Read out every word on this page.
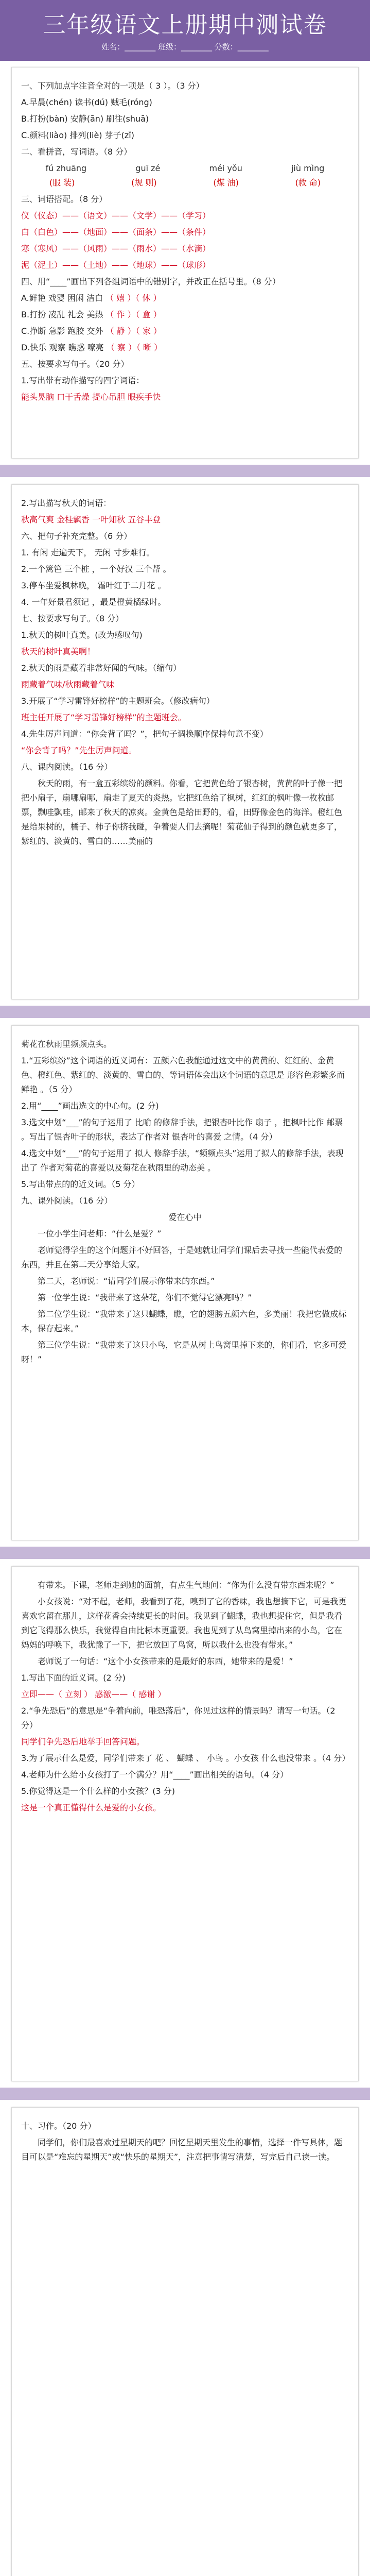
三年级语文上册期中测试卷
姓名：________ 班级：________ 分数：________
一、下列加点字注音全对的一项是（ 3 ）。（3 分）
A.早晨(chén) 读书(dú) 贼毛(róng)
B.打扮(bàn) 安静(ān) 刷往(shuā)
C.颜料(liào) 排列(liè) 芽子(zǐ)
二、看拼音，写词语。（8 分）
fú zhuāng	guī zé	méi yǒu	jiù mìng
(服 装)	(规 则)	(煤 油)	(救 命)
三、词语搭配。（8 分）
仪（仪态）——（语文）——（文学）——（学习）
白（白色）——（地面）——（面条）——（条件）
寒（寒风）——（风雨）——（雨水）——（水滴）
泥（泥土）——（土地）——（地球）——（球形）
四、用“____”画出下列各组词语中的错别字，并改正在括号里。（8 分）
A.鲜艳 戏婴 困闲 洁白 （ 嬉 ）（ 休 ）
B.打扮 凌乱 礼会 美热 （ 作 ）（ 盒 ）
C.挣断 急影 跑胶 交外 （ 静 ）（ 家 ）
D.快乐 观察 瞧惑 嘹亮 （ 察 ）（ 晰 ）
五、按要求写句子。（20 分）
1.写出带有动作描写的四字词语：
能头晃脑 口干舌燥 提心吊胆 眼疾手快
2.写出描写秋天的词语：
秋高气爽 金桂飘香 一叶知秋 五谷丰登
六、把句子补充完整。（6 分）
1. 有闲 走遍天下， 无闲 寸步难行。
2.一个篱笆 三个桩 ，一个好汉 三个帮 。
3.停车坐爱枫林晚， 霜叶红于二月花 。
4. 一年好景君须记 ，最是橙黄橘绿时。
七、按要求写句子。（8 分）
1.秋天的树叶真美。(改为感叹句)
秋天的树叶真美啊！
2.秋天的雨是藏着非常好闻的气味。（缩句）
雨藏着气味/秋雨藏着气味
3.开展了“学习雷锋好榜样”的主题班会。（修改病句）
班主任开展了“学习雷锋好榜样”的主题班会。
4.先生厉声问道：“你会背了吗？”，把句子调换顺序保持句意不变）
“你会背了吗？”先生厉声问道。
八、课内阅读。（16 分）
秋天的雨，有一盒五彩缤纷的颜料。你看，它把黄色给了银杏树，黄黄的叶子像一把把小扇子，扇哪扇哪，扇走了夏天的炎热。它把红色给了枫树，红红的枫叶像一枚枚邮票，飘哇飘哇，邮来了秋天的凉爽。金黄色是给田野的，看，田野像金色的海洋。橙红色是给果树的，橘子、柿子你挤我碰，争着要人们去摘呢！菊花仙子得到的颜色就更多了，紫红的、淡黄的、雪白的……美丽的
菊花在秋雨里频频点头。
1.“五彩缤纷”这个词语的近义词有：五颜六色我能通过这文中的黄黄的、红红的、金黄色、橙红色、紫红的、淡黄的、雪白的、等词语体会出这个词语的意思是 形容色彩繁多而鲜艳 。（5 分）
2.用“____”画出选文的中心句。(2 分)
3.选文中划“___”的句子运用了 比喻 的修辞手法，把银杏叶比作 扇子 ，把枫叶比作 邮票 。写出了银杏叶子的形状，表达了作者对 银杏叶的喜爱 之情。（4 分）
4.选文中划“___”的句子运用了 拟人 修辞手法，“频频点头”运用了拟人的修辞手法，表现出了 作者对菊花的喜爱以及菊花在秋雨里的动态美 。
5.写出带点的的近义词。（5 分）
九、课外阅读。（16 分）
爱在心中
一位小学生问老师：“什么是爱？”
老师觉得学生的这个问题并不好回答，于是她就让同学们课后去寻找一些能代表爱的东西，并且在第二天分享给大家。
第二天，老师说：“请同学们展示你带来的东西。”
第一位学生说：“我带来了这朵花，你们不觉得它漂亮吗？”
第二位学生说：“我带来了这只蝴蝶，瞧，它的翅膀五颜六色，多美丽！我把它做成标本，保存起来。”
第三位学生说：“我带来了这只小鸟，它是从树上鸟窝里掉下来的，你们看，它多可爱呀！”
有带来。下课，老师走到她的面前，有点生气地问：“你为什么没有带东西来呢？”
小女孩说：“对不起，老师，我看到了花，嗅到了它的香味，我也想摘下它，可是我更喜欢它留在那儿，这样花香会持续更长的时间。我见到了蝴蝶，我也想捉住它，但是我看到它飞得那么快乐，我觉得自由比标本更重要。我也见到了从鸟窝里掉出来的小鸟，它在妈妈的呼唤下，我犹豫了一下，把它放回了鸟窝，所以我什么也没有带来。”
老师说了一句话：“这个小女孩带来的是最好的东西，她带来的是爱！”
1.写出下面的近义词。(2 分)
立即——（ 立刻 ） 感激——（ 感谢 ）
2.“争先恐后”的意思是“争着向前，唯恐落后”，你见过这样的情景吗？请写一句话。（2 分）
同学们争先恐后地举手回答问题。
3.为了展示什么是爱，同学们带来了 花 、 蝴蝶 、 小鸟 。小女孩 什么也没带来 。（4 分）
4.老师为什么给小女孩打了一个满分？用“____”画出相关的语句。（4 分）
5.你觉得这是一个什么样的小女孩？(3 分)
这是一个真正懂得什么是爱的小女孩。
十、习作。（20 分）
同学们，你们最喜欢过星期天的吧？回忆星期天里发生的事情，选择一件写具体，题目可以是“难忘的星期天”或“快乐的星期天”，注意把事情写清楚，写完后自己读一读。
